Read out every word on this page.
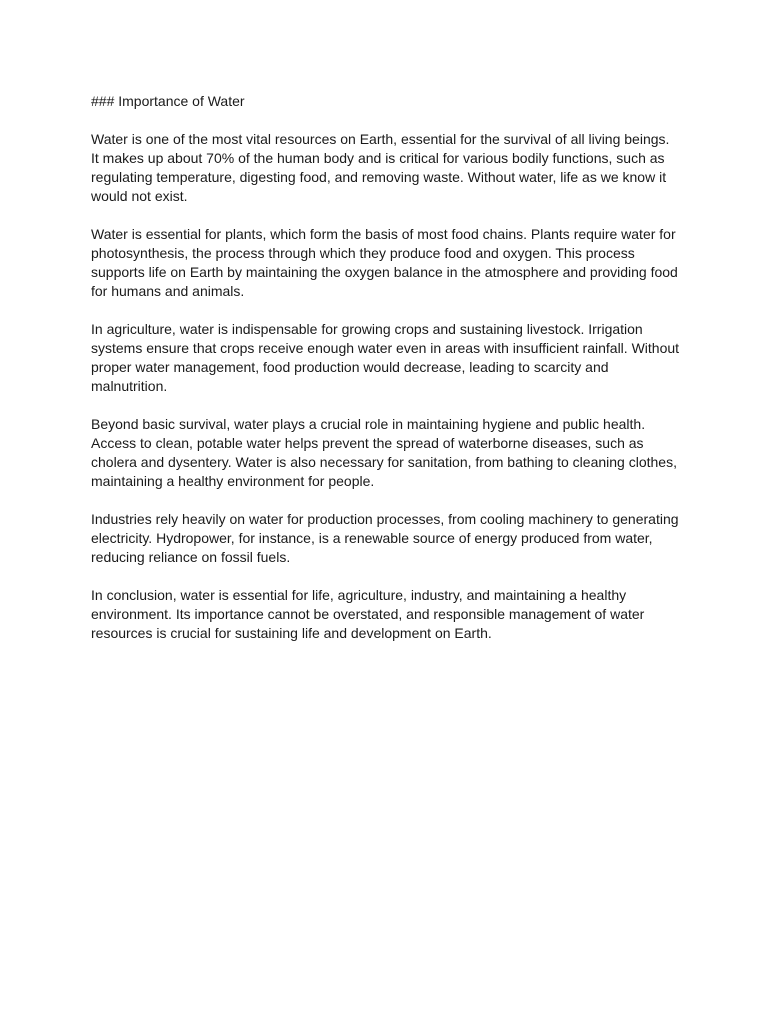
### Importance of Water

Water is one of the most vital resources on Earth, essential for the survival of all living beings. It makes up about 70% of the human body and is critical for various bodily functions, such as regulating temperature, digesting food, and removing waste. Without water, life as we know it would not exist.

Water is essential for plants, which form the basis of most food chains. Plants require water for photosynthesis, the process through which they produce food and oxygen. This process supports life on Earth by maintaining the oxygen balance in the atmosphere and providing food for humans and animals.

In agriculture, water is indispensable for growing crops and sustaining livestock. Irrigation systems ensure that crops receive enough water even in areas with insufficient rainfall. Without proper water management, food production would decrease, leading to scarcity and malnutrition.

Beyond basic survival, water plays a crucial role in maintaining hygiene and public health. Access to clean, potable water helps prevent the spread of waterborne diseases, such as cholera and dysentery. Water is also necessary for sanitation, from bathing to cleaning clothes, maintaining a healthy environment for people.

Industries rely heavily on water for production processes, from cooling machinery to generating electricity. Hydropower, for instance, is a renewable source of energy produced from water, reducing reliance on fossil fuels.

In conclusion, water is essential for life, agriculture, industry, and maintaining a healthy environment. Its importance cannot be overstated, and responsible management of water resources is crucial for sustaining life and development on Earth.
